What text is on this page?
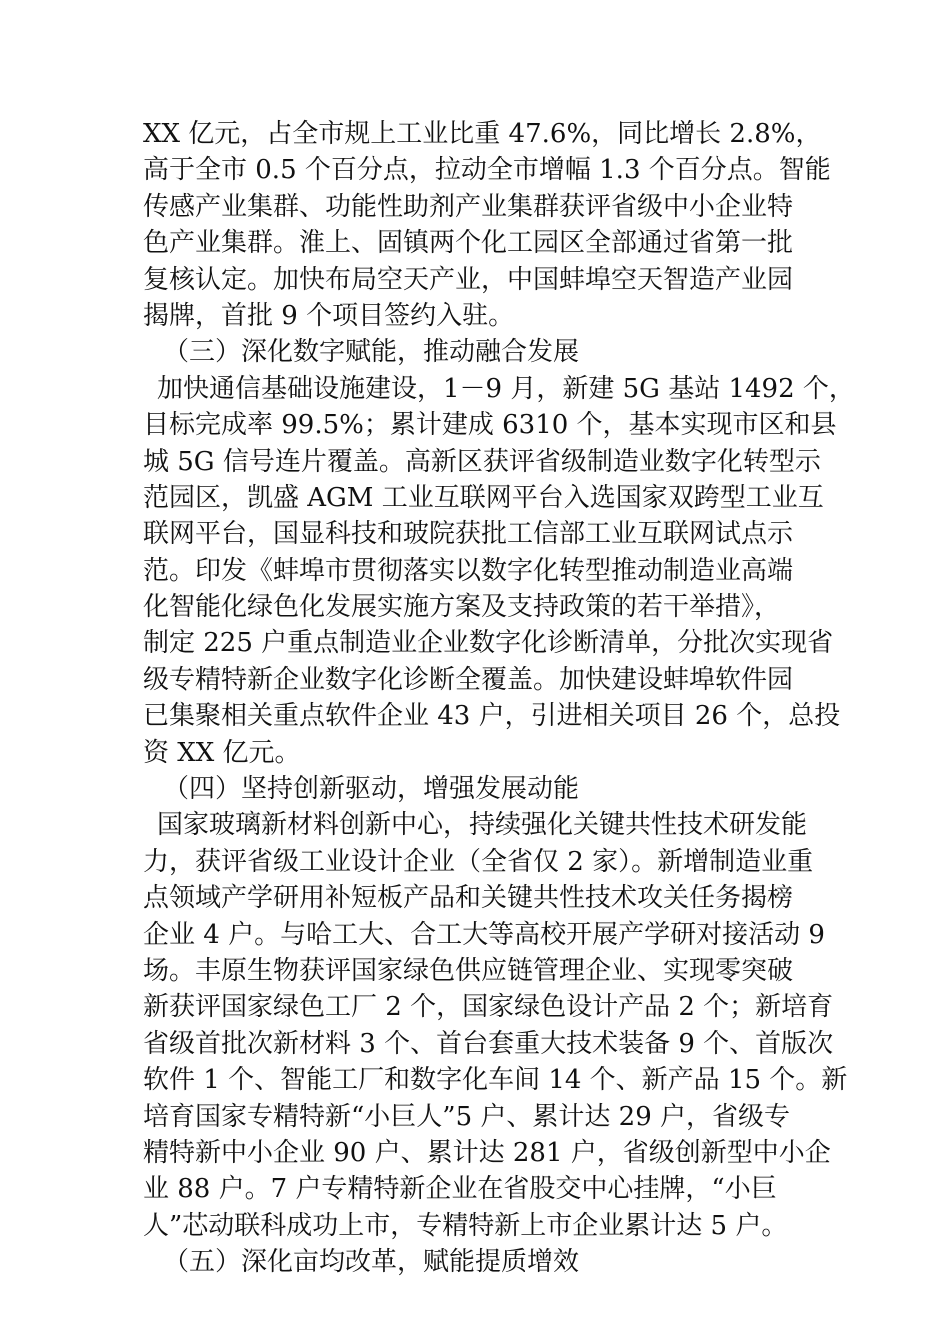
XX 亿元，占全市规上工业比重 47.6%，同比增长 2.8%，
高于全市 0.5 个百分点，拉动全市增幅 1.3 个百分点。智能
传感产业集群、功能性助剂产业集群获评省级中小企业特
色产业集群。淮上、固镇两个化工园区全部通过省第一批
复核认定。加快布局空天产业，中国蚌埠空天智造产业园
揭牌，首批 9 个项目签约入驻。
（三）深化数字赋能，推动融合发展
加快通信基础设施建设，1－9 月，新建 5G 基站 1492 个，
目标完成率 99.5%；累计建成 6310 个，基本实现市区和县
城 5G 信号连片覆盖。高新区获评省级制造业数字化转型示
范园区，凯盛 AGM 工业互联网平台入选国家双跨型工业互
联网平台，国显科技和玻院获批工信部工业互联网试点示
范。印发《蚌埠市贯彻落实以数字化转型推动制造业高端
化智能化绿色化发展实施方案及支持政策的若干举措》，
制定 225 户重点制造业企业数字化诊断清单，分批次实现省
级专精特新企业数字化诊断全覆盖。加快建设蚌埠软件园
已集聚相关重点软件企业 43 户，引进相关项目 26 个，总投
资 XX 亿元。
（四）坚持创新驱动，增强发展动能
国家玻璃新材料创新中心，持续强化关键共性技术研发能
力，获评省级工业设计企业（全省仅 2 家）。新增制造业重
点领域产学研用补短板产品和关键共性技术攻关任务揭榜
企业 4 户。与哈工大、合工大等高校开展产学研对接活动 9
场。丰原生物获评国家绿色供应链管理企业、实现零突破
新获评国家绿色工厂 2 个，国家绿色设计产品 2 个；新培育
省级首批次新材料 3 个、首台套重大技术装备 9 个、首版次
软件 1 个、智能工厂和数字化车间 14 个、新产品 15 个。新
培育国家专精特新“小巨人”5 户、累计达 29 户，省级专
精特新中小企业 90 户、累计达 281 户，省级创新型中小企
业 88 户。7 户专精特新企业在省股交中心挂牌，“小巨
人”芯动联科成功上市，专精特新上市企业累计达 5 户。
（五）深化亩均改革，赋能提质增效
